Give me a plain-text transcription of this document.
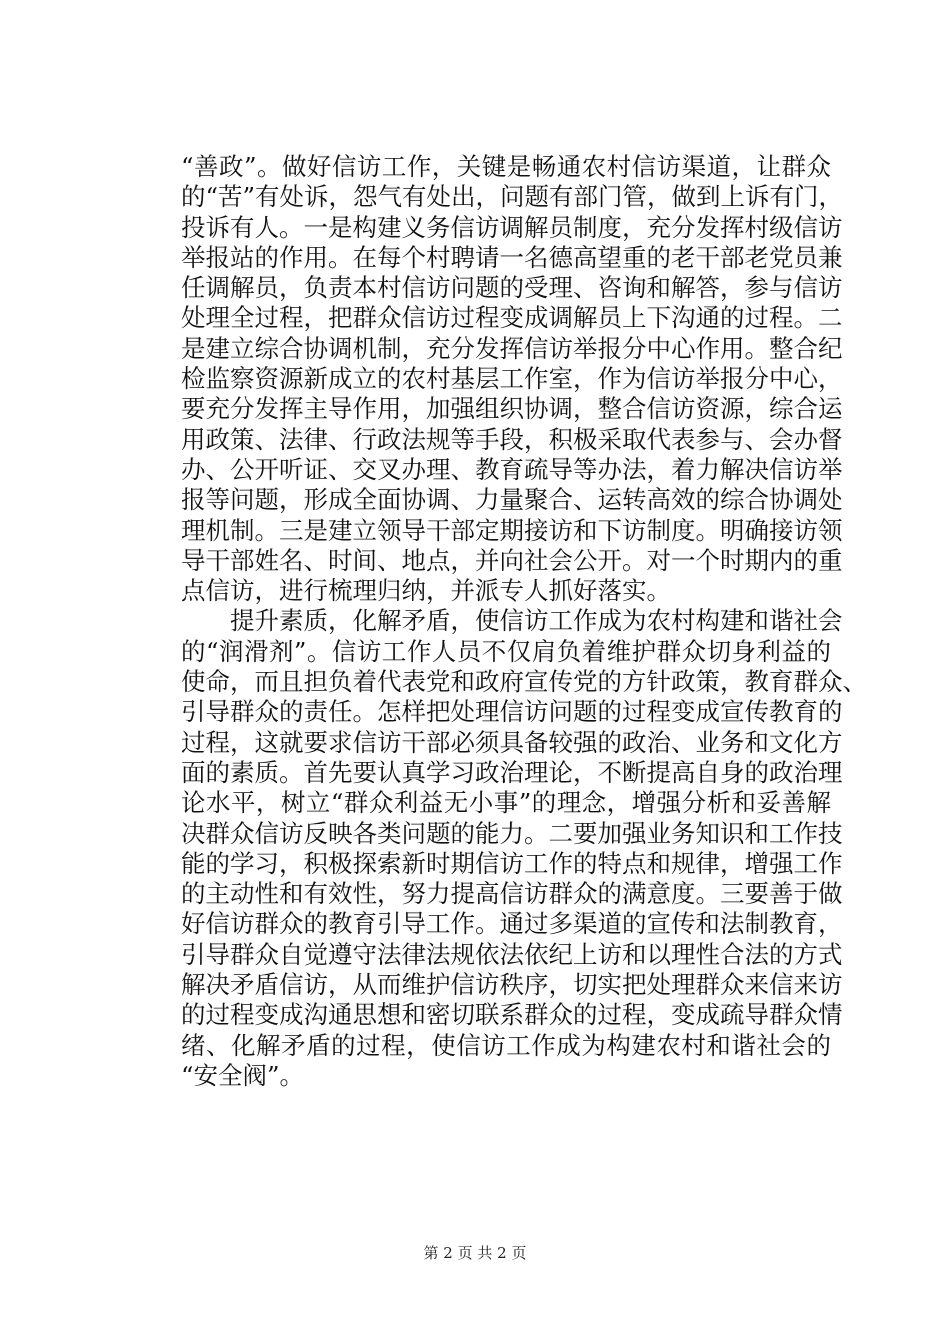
“善政”。做好信访工作，关键是畅通农村信访渠道，让群众
的“苦”有处诉，怨气有处出，问题有部门管，做到上诉有门，
投诉有人。一是构建义务信访调解员制度，充分发挥村级信访
举报站的作用。在每个村聘请一名德高望重的老干部老党员兼
任调解员，负责本村信访问题的受理、咨询和解答，参与信访
处理全过程，把群众信访过程变成调解员上下沟通的过程。二
是建立综合协调机制，充分发挥信访举报分中心作用。整合纪
检监察资源新成立的农村基层工作室，作为信访举报分中心，
要充分发挥主导作用，加强组织协调，整合信访资源，综合运
用政策、法律、行政法规等手段，积极采取代表参与、会办督
办、公开听证、交叉办理、教育疏导等办法，着力解决信访举
报等问题，形成全面协调、力量聚合、运转高效的综合协调处
理机制。三是建立领导干部定期接访和下访制度。明确接访领
导干部姓名、时间、地点，并向社会公开。对一个时期内的重
点信访，进行梳理归纳，并派专人抓好落实。
　　提升素质，化解矛盾，使信访工作成为农村构建和谐社会
的“润滑剂”。信访工作人员不仅肩负着维护群众切身利益的
使命，而且担负着代表党和政府宣传党的方针政策，教育群众、
引导群众的责任。怎样把处理信访问题的过程变成宣传教育的
过程，这就要求信访干部必须具备较强的政治、业务和文化方
面的素质。首先要认真学习政治理论，不断提高自身的政治理
论水平，树立“群众利益无小事”的理念，增强分析和妥善解
决群众信访反映各类问题的能力。二要加强业务知识和工作技
能的学习，积极探索新时期信访工作的特点和规律，增强工作
的主动性和有效性，努力提高信访群众的满意度。三要善于做
好信访群众的教育引导工作。通过多渠道的宣传和法制教育，
引导群众自觉遵守法律法规依法依纪上访和以理性合法的方式
解决矛盾信访，从而维护信访秩序，切实把处理群众来信来访
的过程变成沟通思想和密切联系群众的过程，变成疏导群众情
绪、化解矛盾的过程，使信访工作成为构建农村和谐社会的
“安全阀”。
第 2 页 共 2 页
